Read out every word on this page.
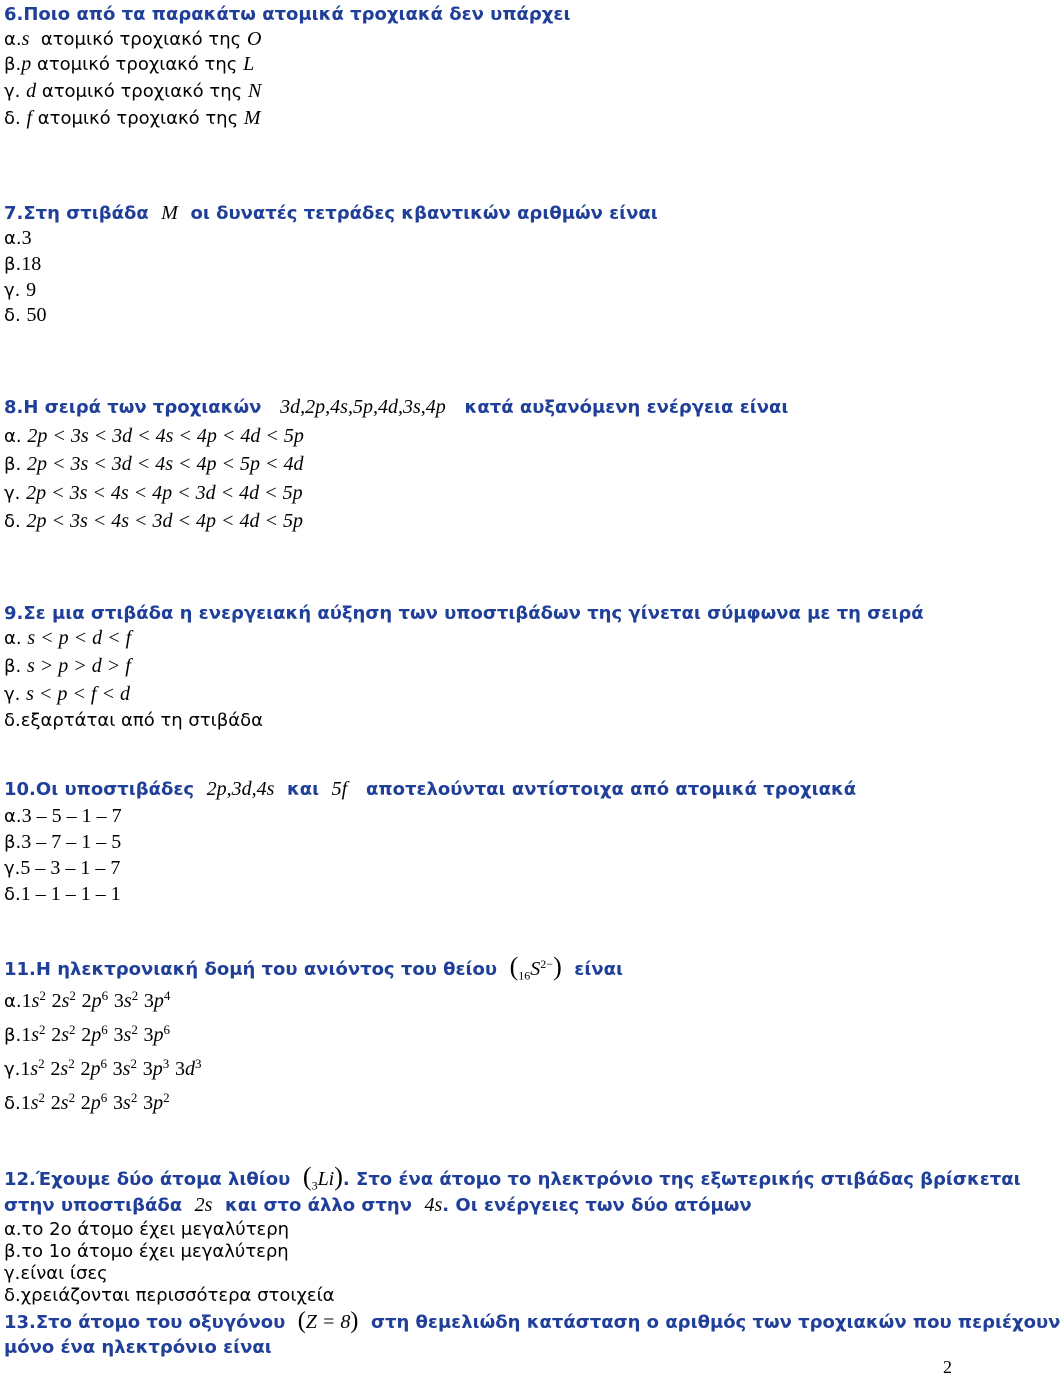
6.Ποιο από τα παρακάτω ατομικά τροχιακά δεν υπάρχει
α.s ατομικό τροχιακό της O
β.p ατομικό τροχιακό της L
γ. d ατομικό τροχιακό της N
δ. f ατομικό τροχιακό της M
7.Στη στιβάδα M οι δυνατές τετράδες κβαντικών αριθμών είναι
α.3
β.18
γ. 9
δ. 50
8.Η σειρά των τροχιακών 3d,2p,4s,5p,4d,3s,4p κατά αυξανόμενη ενέργεια είναι
α. 2p < 3s < 3d < 4s < 4p < 4d < 5p
β. 2p < 3s < 3d < 4s < 4p < 5p < 4d
γ. 2p < 3s < 4s < 4p < 3d < 4d < 5p
δ. 2p < 3s < 4s < 3d < 4p < 4d < 5p
9.Σε μια στιβάδα η ενεργειακή αύξηση των υποστιβάδων της γίνεται σύμφωνα με τη σειρά
α. s < p < d < f
β. s > p > d > f
γ. s < p < f < d
δ.εξαρτάται από τη στιβάδα
10.Οι υποστιβάδες 2p,3d,4s και 5f αποτελούνται αντίστοιχα από ατομικά τροχιακά
α.3 – 5 – 1 – 7
β.3 – 7 – 1 – 5
γ.5 – 3 – 1 – 7
δ.1 – 1 – 1 – 1
11.Η ηλεκτρονιακή δομή του ανιόντος του θείου $(_{16}S^{2-})$ είναι
$\alpha.1s^2$ $2s^2$ $2p^6$ $3s^2$ $3p^4$
$\beta.1s^2$ $2s^2$ $2p^6$ $3s^2$ $3p^6$
$\gamma.1s^2$ $2s^2$ $2p^6$ $3s^2$ $3p^3$ $3d^3$
$\delta.1s^2$ $2s^2$ $2p^6$ $3s^2$ $3p^2$
12.Έχουμε δύο άτομα λιθίου $(_3Li)$. Στο ένα άτομο το ηλεκτρόνιο της εξωτερικής στιβάδας βρίσκεται
στην υποστιβάδα 2s και στο άλλο στην 4s. Οι ενέργειες των δύο ατόμων
α.το 2ο άτομο έχει μεγαλύτερη
β.το 1ο άτομο έχει μεγαλύτερη
γ.είναι ίσες
δ.χρειάζονται περισσότερα στοιχεία
13.Στο άτομο του οξυγόνου (Z = 8) στη θεμελιώδη κατάσταση ο αριθμός των τροχιακών που περιέχουν
μόνο ένα ηλεκτρόνιο είναι
2
